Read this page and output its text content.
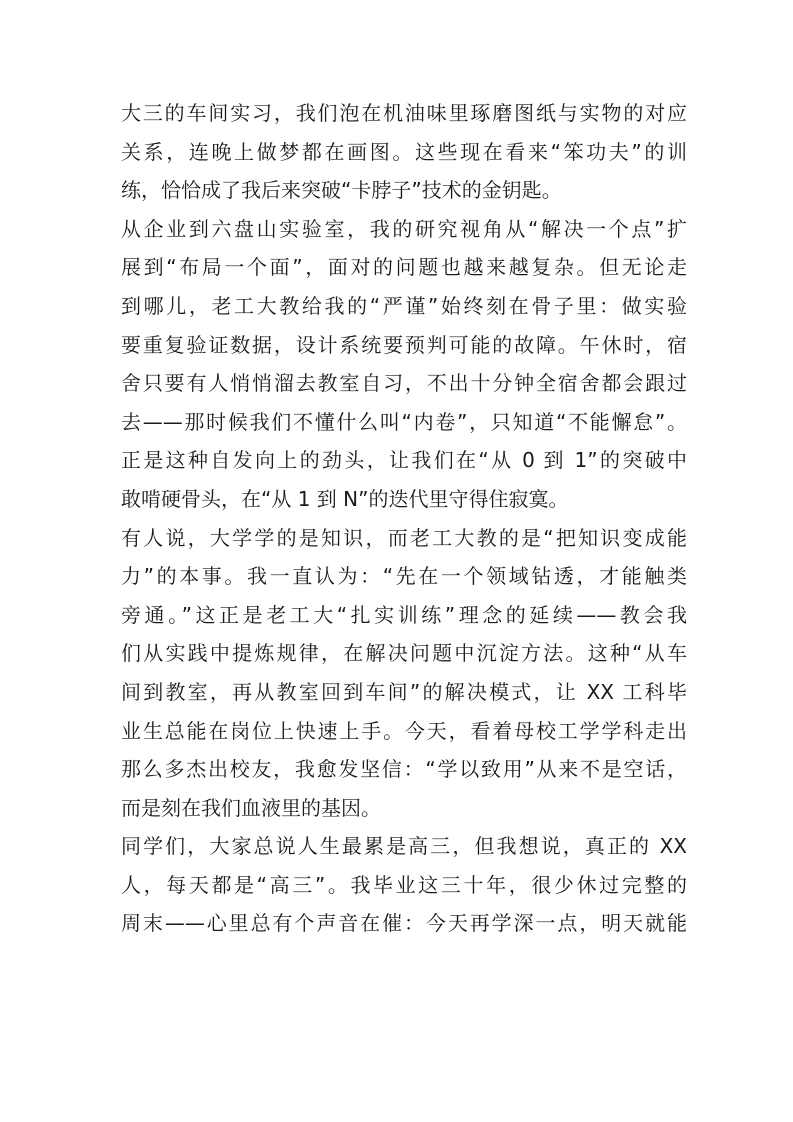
大三的车间实习，我们泡在机油味里琢磨图纸与实物的对应
关系，连晚上做梦都在画图。这些现在看来“笨功夫”的训
练，恰恰成了我后来突破“卡脖子”技术的金钥匙。
从企业到六盘山实验室，我的研究视角从“解决一个点”扩
展到“布局一个面”，面对的问题也越来越复杂。但无论走
到哪儿，老工大教给我的“严谨”始终刻在骨子里：做实验
要重复验证数据，设计系统要预判可能的故障。午休时，宿
舍只要有人悄悄溜去教室自习，不出十分钟全宿舍都会跟过
去——那时候我们不懂什么叫“内卷”，只知道“不能懈怠”。
正是这种自发向上的劲头，让我们在“从 0 到 1”的突破中
敢啃硬骨头，在“从 1 到 N”的迭代里守得住寂寞。
有人说，大学学的是知识，而老工大教的是“把知识变成能
力”的本事。我一直认为：“先在一个领域钻透，才能触类
旁通。”这正是老工大“扎实训练”理念的延续——教会我
们从实践中提炼规律，在解决问题中沉淀方法。这种“从车
间到教室，再从教室回到车间”的解决模式，让 XX 工科毕
业生总能在岗位上快速上手。今天，看着母校工学学科走出
那么多杰出校友，我愈发坚信：“学以致用”从来不是空话，
而是刻在我们血液里的基因。
同学们，大家总说人生最累是高三，但我想说，真正的 XX
人，每天都是“高三”。我毕业这三十年，很少休过完整的
周末——心里总有个声音在催：今天再学深一点，明天就能
